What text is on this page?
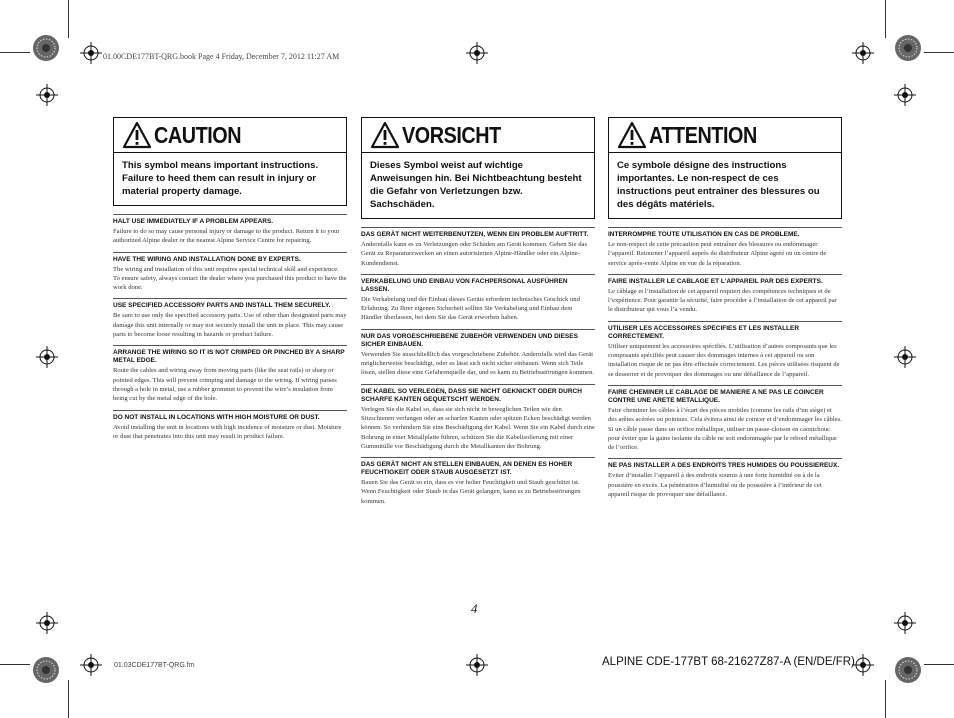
01.00CDE177BT-QRG.book Page 4 Friday, December 7, 2012 11:27 AM
CAUTION
This symbol means important instructions. Failure to heed them can result in injury or material property damage.
HALT USE IMMEDIATELY IF A PROBLEM APPEARS.
Failure to do so may cause personal injury or damage to the product. Return it to your authorized Alpine dealer or the nearest Alpine Service Centre for repairing.
HAVE THE WIRING AND INSTALLATION DONE BY EXPERTS.
The wiring and installation of this unit requires special technical skill and experience. To ensure safety, always contact the dealer where you purchased this product to have the work done.
USE SPECIFIED ACCESSORY PARTS AND INSTALL THEM SECURELY.
Be sure to use only the specified accessory parts. Use of other than designated parts may damage this unit internally or may not securely install the unit in place. This may cause parts to become loose resulting in hazards or product failure.
ARRANGE THE WIRING SO IT IS NOT CRIMPED OR PINCHED BY A SHARP METAL EDGE.
Route the cables and wiring away from moving parts (like the seat rails) or sharp or pointed edges. This will prevent crimping and damage to the wiring. If wiring passes through a hole in metal, use a rubber grommet to prevent the wire’s insulation from being cut by the metal edge of the hole.
DO NOT INSTALL IN LOCATIONS WITH HIGH MOISTURE OR DUST.
Avoid installing the unit in locations with high incidence of moisture or dust. Moisture or dust that penetrates into this unit may result in product failure.
VORSICHT
Dieses Symbol weist auf wichtige Anweisungen hin. Bei Nichtbeachtung besteht die Gefahr von Verletzungen bzw. Sachschäden.
DAS GERÄT NICHT WEITERBENUTZEN, WENN EIN PROBLEM AUFTRITT.
Andernfalls kann es zu Verletzungen oder Schäden am Gerät kommen. Geben Sie das Gerät zu Reparaturzwecken an einen autorisierten Alpine-Händler oder ein Alpine-Kundendienst.
VERKABELUNG UND EINBAU VON FACHPERSONAL AUSFÜHREN LASSEN.
Die Verkabelung und der Einbau dieses Geräts erfordern technisches Geschick und Erfahrung. Zu Ihrer eigenen Sicherheit sollten Sie Verkabelung und Einbau dem Händler überlassen, bei dem Sie das Gerät erworben haben.
NUR DAS VORGESCHRIEBENE ZUBEHÖR VERWENDEN UND DIESES SICHER EINBAUEN.
Verwenden Sie ausschließlich das vorgeschriebene Zubehör. Andernfalls wird das Gerät möglicherweise beschädigt, oder es lässt sich nicht sicher einbauen. Wenn sich Teile lösen, stellen diese eine Gefahrenquelle dar, und es kann zu Betriebsstörungen kommen.
DIE KABEL SO VERLEGEN, DASS SIE NICHT GEKNICKT ODER DURCH SCHARFE KANTEN GEQUETSCHT WERDEN.
Verlegen Sie die Kabel so, dass sie sich nicht in beweglichen Teilen wie den Sitzschienen verfangen oder an scharfen Kanten oder spitzen Ecken beschädigt werden können. So verhindern Sie eine Beschädigung der Kabel. Wenn Sie ein Kabel durch eine Bohrung in einer Metallplatte führen, schützen Sie die Kabelisolierung mit einer Gummitülle vor Beschädigung durch die Metallkanten der Bohrung.
DAS GERÄT NICHT AN STELLEN EINBAUEN, AN DENEN ES HOHER FEUCHTIGKEIT ODER STAUB AUSGESETZT IST.
Bauen Sie das Gerät so ein, dass es vor hoher Feuchtigkeit und Staub geschützt ist. Wenn Feuchtigkeit oder Staub in das Gerät gelangen, kann es zu Betriebsstörungen kommen.
ATTENTION
Ce symbole désigne des instructions importantes. Le non-respect de ces instructions peut entraîner des blessures ou des dégâts matériels.
INTERROMPRE TOUTE UTILISATION EN CAS DE PROBLEME.
Le non-respect de cette précaution peut entraîner des blessures ou endommager l’appareil. Retourner l’appareil auprès du distributeur Alpine agréé ou un centre de service après-vente Alpine en vue de la réparation.
FAIRE INSTALLER LE CABLAGE ET L’APPAREIL PAR DES EXPERTS.
Le câblage et l’installation de cet appareil requiert des compétences techniques et de l’expérience. Pour garantir la sécurité, faire procéder à l’installation de cet appareil par le distributeur qui vous l’a vendu.
UTILISER LES ACCESSOIRES SPECIFIES ET LES INSTALLER CORRECTEMENT.
Utiliser uniquement les accessoires spécifiés. L’utilisation d’autres composants que les composants spécifiés peut causer des dommages internes à cet appareil ou son installation risque de ne pas être effectuée correctement. Les pièces utilisées risquent de se desserrer et de provoquer des dommages ou une défaillance de l’appareil.
FAIRE CHEMINER LE CABLAGE DE MANIERE A NE PAS LE COINCER CONTRE UNE ARETE METALLIQUE.
Faire cheminer les câbles à l’écart des pièces mobiles (comme les rails d’un siège) et des arêtes acérées ou pointues. Cela évitera ainsi de coincer et d’endommager les câbles. Si un câble passe dans un orifice métallique, utiliser un passe-cloison en caoutchouc pour éviter que la gaine isolante du câble ne soit endommagée par le rebord métallique de l’orifice.
NE PAS INSTALLER A DES ENDROITS TRES HUMIDES OU POUSSIEREUX.
Eviter d’installer l’appareil à des endroits soumis à une forte humidité ou à de la poussière en excès. La pénétration d’humidité ou de poussière à l’intérieur de cet appareil risque de provoquer une défaillance.
4
01.03CDE177BT-QRG.fm	ALPINE CDE-177BT 68-21627Z87-A (EN/DE/FR)
